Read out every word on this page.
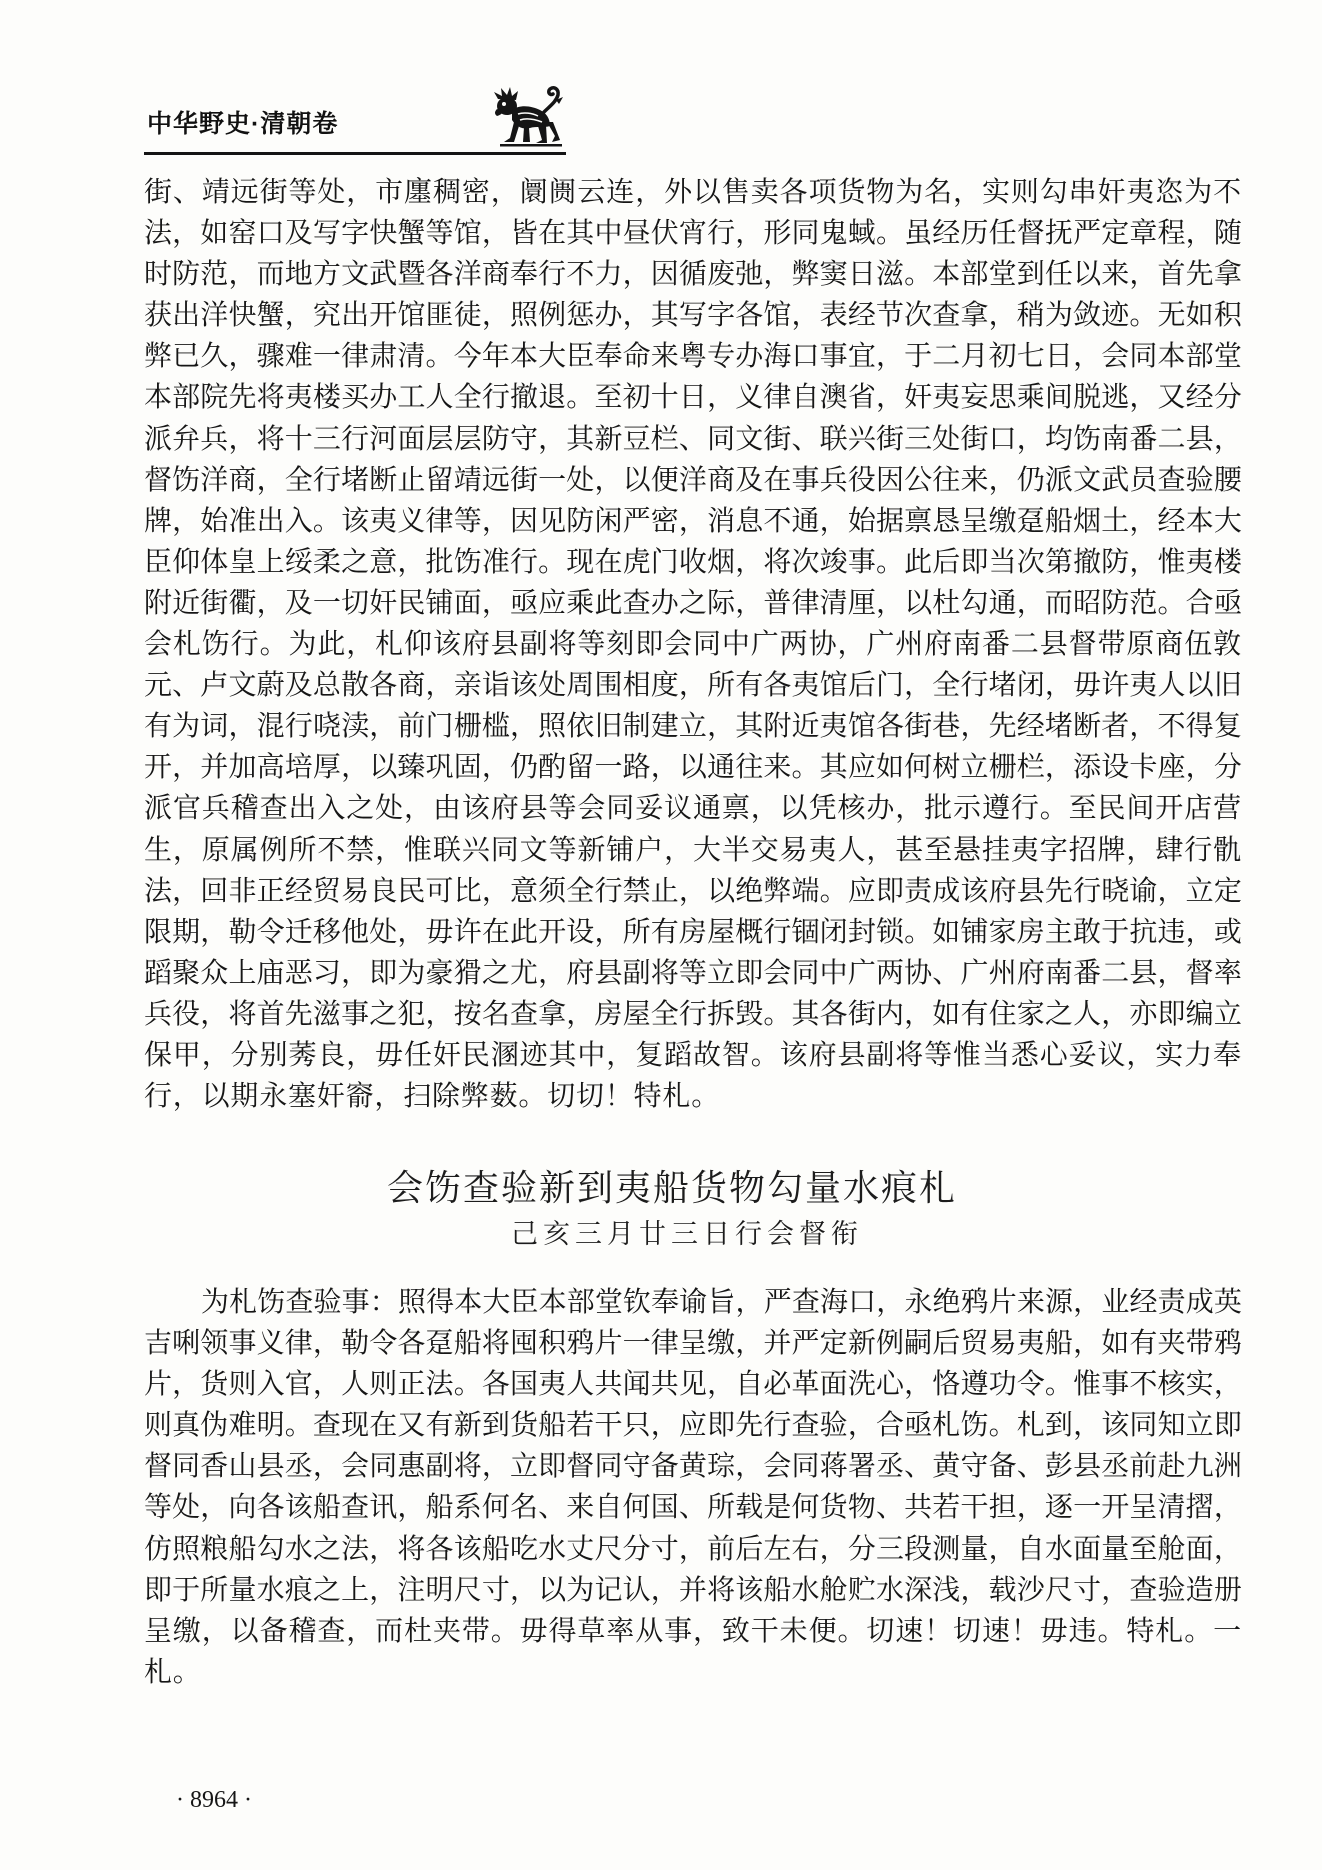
中华野史·清朝卷
街、靖远街等处，市廛稠密，阛阓云连，外以售卖各项货物为名，实则勾串奸夷恣为不
法，如窑口及写字快蟹等馆，皆在其中昼伏宵行，形同鬼蜮。虽经历任督抚严定章程，随
时防范，而地方文武暨各洋商奉行不力，因循废弛，弊窦日滋。本部堂到任以来，首先拿
获出洋快蟹，究出开馆匪徒，照例惩办，其写字各馆，表经节次查拿，稍为敛迹。无如积
弊已久，骤难一律肃清。今年本大臣奉命来粤专办海口事宜，于二月初七日，会同本部堂
本部院先将夷楼买办工人全行撤退。至初十日，义律自澳省，奸夷妄思乘间脱逃，又经分
派弁兵，将十三行河面层层防守，其新豆栏、同文街、联兴街三处街口，均饬南番二县，
督饬洋商，全行堵断止留靖远街一处，以便洋商及在事兵役因公往来，仍派文武员查验腰
牌，始准出入。该夷义律等，因见防闲严密，消息不通，始据禀恳呈缴趸船烟土，经本大
臣仰体皇上绥柔之意，批饬准行。现在虎门收烟，将次竣事。此后即当次第撤防，惟夷楼
附近街衢，及一切奸民铺面，亟应乘此查办之际，普律清厘，以杜勾通，而昭防范。合亟
会札饬行。为此，札仰该府县副将等刻即会同中广两协，广州府南番二县督带原商伍敦
元、卢文蔚及总散各商，亲诣该处周围相度，所有各夷馆后门，全行堵闭，毋许夷人以旧
有为词，混行哓渎，前门栅槛，照依旧制建立，其附近夷馆各街巷，先经堵断者，不得复
开，并加高培厚，以臻巩固，仍酌留一路，以通往来。其应如何树立栅栏，添设卡座，分
派官兵稽查出入之处，由该府县等会同妥议通禀，以凭核办，批示遵行。至民间开店营
生，原属例所不禁，惟联兴同文等新铺户，大半交易夷人，甚至悬挂夷字招牌，肆行骩
法，回非正经贸易良民可比，意须全行禁止，以绝弊端。应即责成该府县先行晓谕，立定
限期，勒令迁移他处，毋许在此开设，所有房屋概行锢闭封锁。如铺家房主敢于抗违，或
蹈聚众上庙恶习，即为豪猾之尤，府县副将等立即会同中广两协、广州府南番二县，督率
兵役，将首先滋事之犯，按名查拿，房屋全行拆毁。其各街内，如有住家之人，亦即编立
保甲，分别莠良，毋任奸民溷迹其中，复蹈故智。该府县副将等惟当悉心妥议，实力奉
行，以期永塞奸窬，扫除弊薮。切切！特札。
会饬查验新到夷船货物勾量水痕札
己亥三月廿三日行会督衔
为札饬查验事：照得本大臣本部堂钦奉谕旨，严查海口，永绝鸦片来源，业经责成英
吉唎领事义律，勒令各趸船将囤积鸦片一律呈缴，并严定新例嗣后贸易夷船，如有夹带鸦
片，货则入官，人则正法。各国夷人共闻共见，自必革面洗心，恪遵功令。惟事不核实，
则真伪难明。查现在又有新到货船若干只，应即先行查验，合亟札饬。札到，该同知立即
督同香山县丞，会同惠副将，立即督同守备黄琮，会同蒋署丞、黄守备、彭县丞前赴九洲
等处，向各该船查讯，船系何名、来自何国、所载是何货物、共若干担，逐一开呈清摺，
仿照粮船勾水之法，将各该船吃水丈尺分寸，前后左右，分三段测量，自水面量至舱面，
即于所量水痕之上，注明尺寸，以为记认，并将该船水舱贮水深浅，载沙尺寸，查验造册
呈缴，以备稽查，而杜夹带。毋得草率从事，致干未便。切速！切速！毋违。特札。一
札。
· 8964 ·
